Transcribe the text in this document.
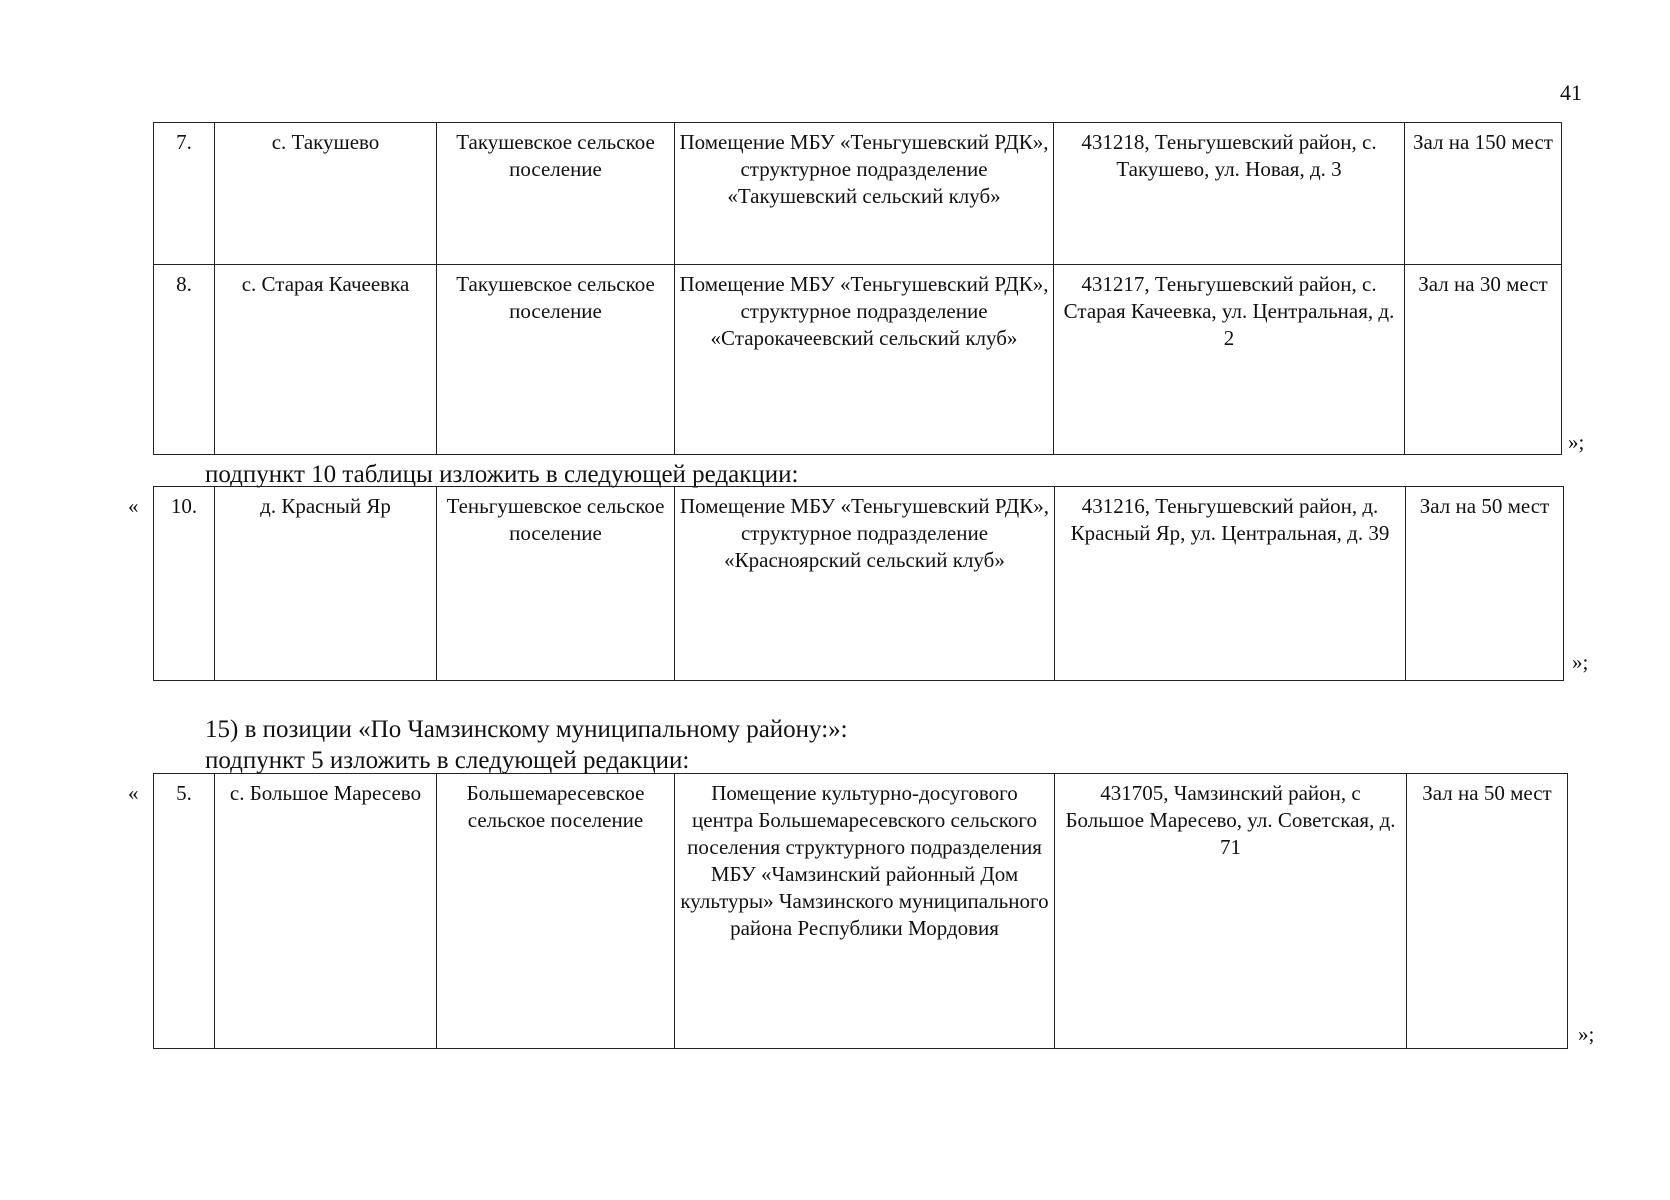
41
7.	с. Такушево	Такушевское сельское поселение	Помещение МБУ «Теньгушевский РДК», структурное подразделение «Такушевский сельский клуб»	431218, Теньгушевский район, с. Такушево, ул. Новая, д. 3	Зал на 150 мест
8.	с. Старая Качеевка	Такушевское сельское поселение	Помещение МБУ «Теньгушевский РДК», структурное подразделение «Старокачеевский сельский клуб»	431217, Теньгушевский район, с. Старая Качеевка, ул. Центральная, д. 2	Зал на 30 мест
»;
подпункт 10 таблицы изложить в следующей редакции:
« 10.	д. Красный Яр	Теньгушевское сельское поселение	Помещение МБУ «Теньгушевский РДК», структурное подразделение «Красноярский сельский клуб»	431216, Теньгушевский район, д. Красный Яр, ул. Центральная, д. 39	Зал на 50 мест
»;
15) в позиции «По Чамзинскому муниципальному району:»:
подпункт 5 изложить в следующей редакции:
« 5.	с. Большое Маресево	Большемаресевское сельское поселение	Помещение культурно-досугового центра Большемаресевского сельского поселения структурного подразделения МБУ «Чамзинский районный Дом культуры» Чамзинского муниципального района Республики Мордовия	431705, Чамзинский район, с Большое Маресево, ул. Советская, д. 71	Зал на 50 мест
»;
